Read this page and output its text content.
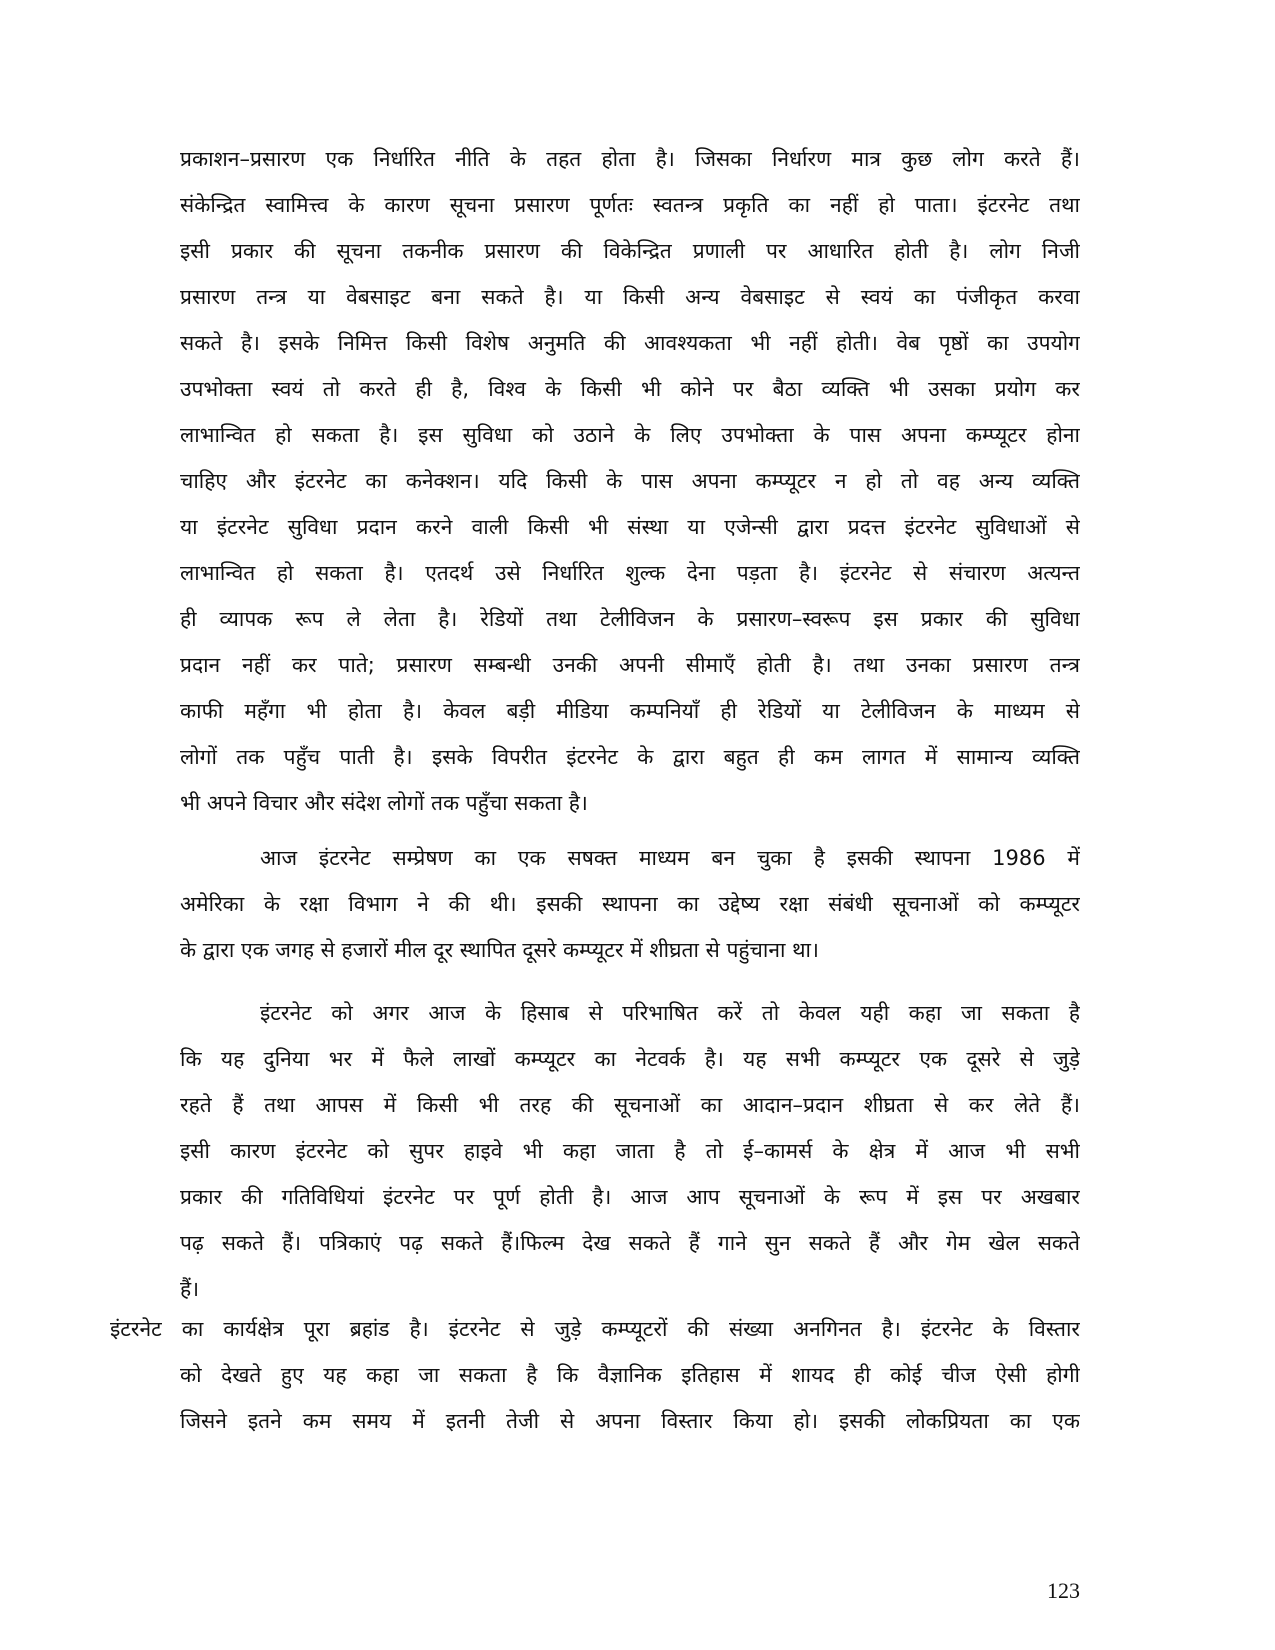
प्रकाशन–प्रसारण एक निर्धारित नीति के तहत होता है। जिसका निर्धारण मात्र कुछ लोग करते हैं।
संकेन्द्रित स्वामित्त्व के कारण सूचना प्रसारण पूर्णतः स्वतन्त्र प्रकृति का नहीं हो पाता। इंटरनेट तथा
इसी प्रकार की सूचना तकनीक प्रसारण की विकेन्द्रित प्रणाली पर आधारित होती है। लोग निजी
प्रसारण तन्त्र या वेबसाइट बना सकते है। या किसी अन्य वेबसाइट से स्वयं का पंजीकृत करवा
सकते है। इसके निमित्त किसी विशेष अनुमति की आवश्यकता भी नहीं होती। वेब पृष्ठों का उपयोग
उपभोक्ता स्वयं तो करते ही है, विश्व के किसी भी कोने पर बैठा व्यक्ति भी उसका प्रयोग कर
लाभान्वित हो सकता है। इस सुविधा को उठाने के लिए उपभोक्ता के पास अपना कम्प्यूटर होना
चाहिए और इंटरनेट का कनेक्शन। यदि किसी के पास अपना कम्प्यूटर न हो तो वह अन्य व्यक्ति
या इंटरनेट सुविधा प्रदान करने वाली किसी भी संस्था या एजेन्सी द्वारा प्रदत्त इंटरनेट सुविधाओं से
लाभान्वित हो सकता है। एतदर्थ उसे निर्धारित शुल्क देना पड़ता है। इंटरनेट से संचारण अत्यन्त
ही व्यापक रूप ले लेता है। रेडियों तथा टेलीविजन के प्रसारण–स्वरूप इस प्रकार की सुविधा
प्रदान नहीं कर पाते; प्रसारण सम्बन्धी उनकी अपनी सीमाएँ होती है। तथा उनका प्रसारण तन्त्र
काफी महँगा भी होता है। केवल बड़ी मीडिया कम्पनियाँ ही रेडियों या टेलीविजन के माध्यम से
लोगों तक पहुँच पाती है। इसके विपरीत इंटरनेट के द्वारा बहुत ही कम लागत में सामान्य व्यक्ति
भी अपने विचार और संदेश लोगों तक पहुँचा सकता है।
आज इंटरनेट सम्प्रेषण का एक सषक्त माध्यम बन चुका है इसकी स्थापना 1986 में
अमेरिका के रक्षा विभाग ने की थी। इसकी स्थापना का उद्देष्य रक्षा संबंधी सूचनाओं को कम्प्यूटर
के द्वारा एक जगह से हजारों मील दूर स्थापित दूसरे कम्प्यूटर में शीघ्रता से पहुंचाना था।
इंटरनेट को अगर आज के हिसाब से परिभाषित करें तो केवल यही कहा जा सकता है
कि यह दुनिया भर में फैले लाखों कम्प्यूटर का नेटवर्क है। यह सभी कम्प्यूटर एक दूसरे से जुड़े
रहते हैं तथा आपस में किसी भी तरह की सूचनाओं का आदान–प्रदान शीघ्रता से कर लेते हैं।
इसी कारण इंटरनेट को सुपर हाइवे भी कहा जाता है तो ई–कामर्स के क्षेत्र में आज भी सभी
प्रकार की गतिविधियां इंटरनेट पर पूर्ण होती है। आज आप सूचनाओं के रूप में इस पर अखबार
पढ़ सकते हैं। पत्रिकाएं पढ़ सकते हैं।फिल्म देख सकते हैं गाने सुन सकते हैं और गेम खेल सकते
हैं।
इंटरनेट का कार्यक्षेत्र पूरा ब्रहांड है। इंटरनेट से जुड़े कम्प्यूटरों की संख्या अनगिनत है। इंटरनेट के विस्तार
को देखते हुए यह कहा जा सकता है कि वैज्ञानिक इतिहास में शायद ही कोई चीज ऐसी होगी
जिसने इतने कम समय में इतनी तेजी से अपना विस्तार किया हो। इसकी लोकप्रियता का एक
123
